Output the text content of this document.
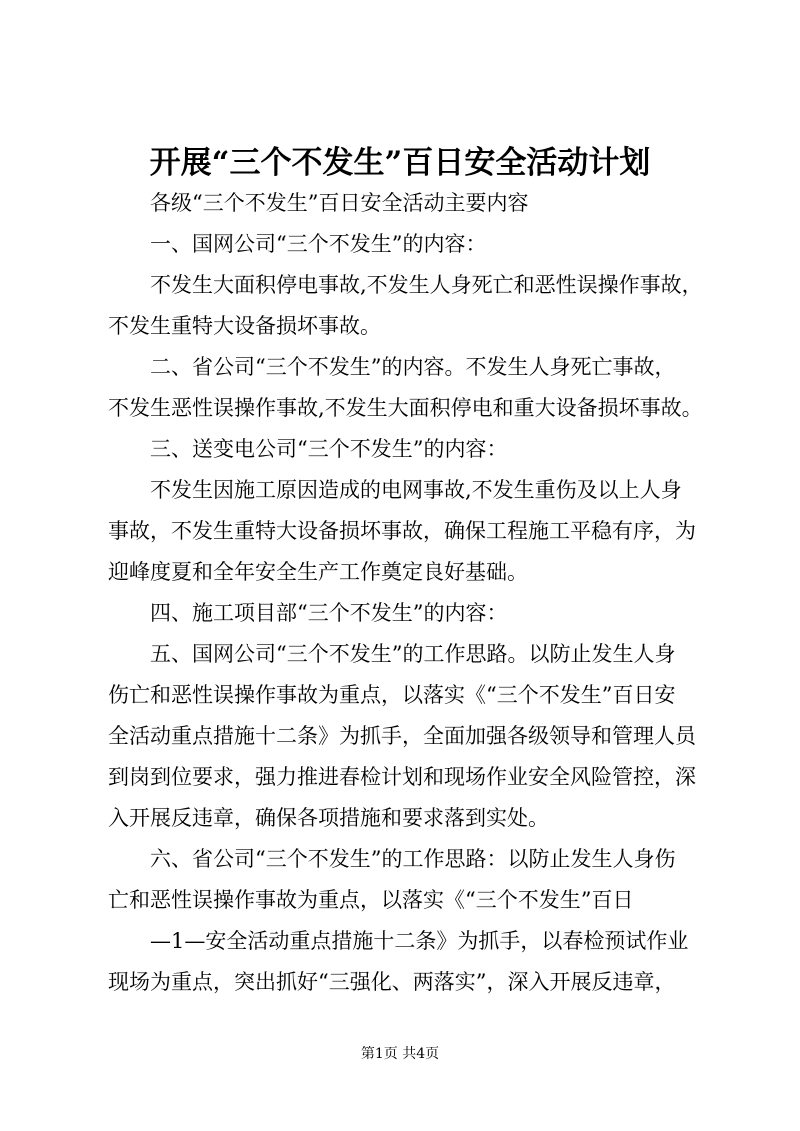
开展“三个不发生”百日安全活动计划
各级“三个不发生”百日安全活动主要内容
一、国网公司“三个不发生”的内容：
不发生大面积停电事故,不发生人身死亡和恶性误操作事故，
不发生重特大设备损坏事故。
二、省公司“三个不发生”的内容。不发生人身死亡事故，
不发生恶性误操作事故,不发生大面积停电和重大设备损坏事故。
三、送变电公司“三个不发生”的内容：
不发生因施工原因造成的电网事故,不发生重伤及以上人身
事故，不发生重特大设备损坏事故，确保工程施工平稳有序，为
迎峰度夏和全年安全生产工作奠定良好基础。
四、施工项目部“三个不发生”的内容：
五、国网公司“三个不发生”的工作思路。以防止发生人身
伤亡和恶性误操作事故为重点，以落实《“三个不发生”百日安
全活动重点措施十二条》为抓手，全面加强各级领导和管理人员
到岗到位要求，强力推进春检计划和现场作业安全风险管控，深
入开展反违章，确保各项措施和要求落到实处。
六、省公司“三个不发生”的工作思路：以防止发生人身伤
亡和恶性误操作事故为重点，以落实《“三个不发生”百日
—1—安全活动重点措施十二条》为抓手，以春检预试作业
现场为重点，突出抓好“三强化、两落实”，深入开展反违章，
第1页 共4页
